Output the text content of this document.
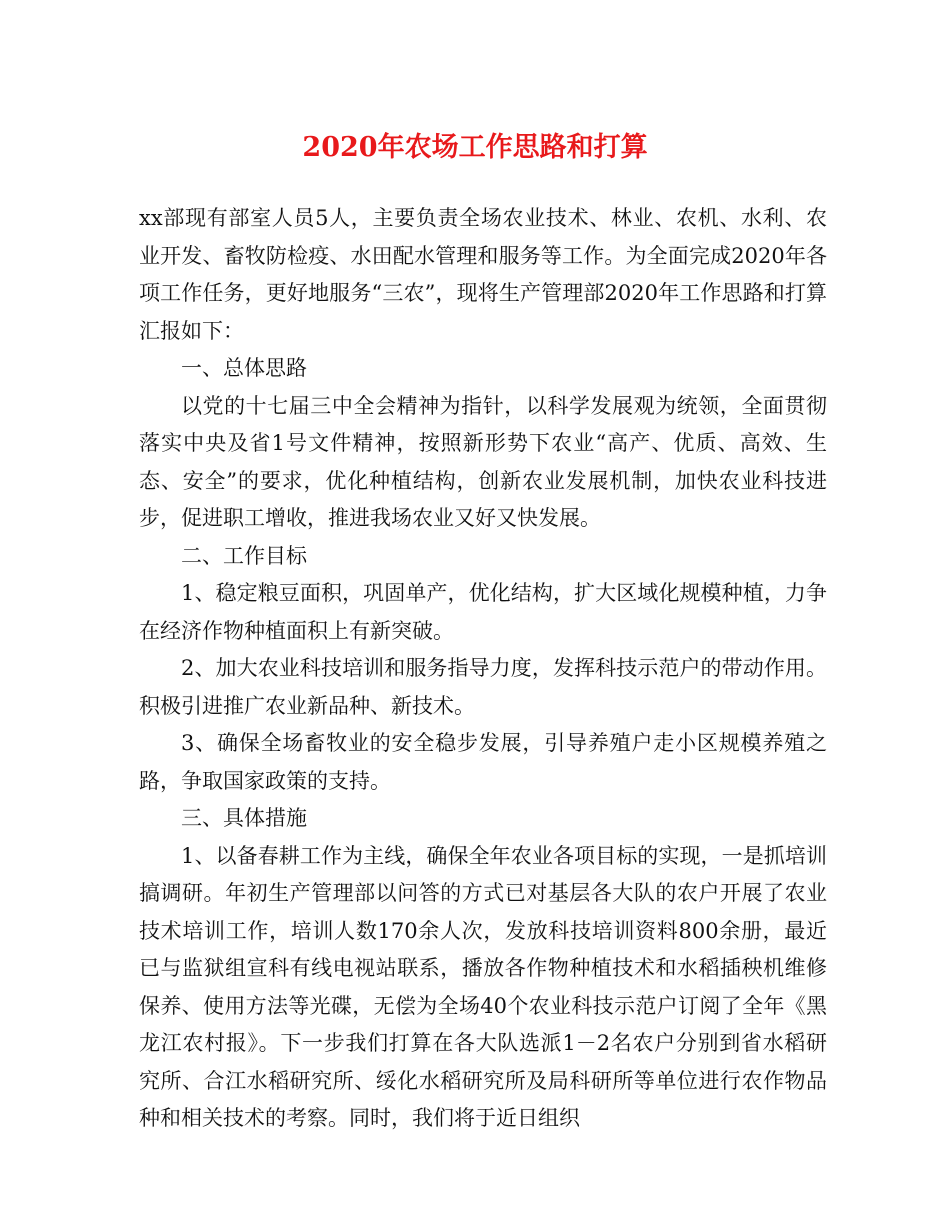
2020年农场工作思路和打算

xx部现有部室人员5人，主要负责全场农业技术、林业、农机、水利、农业开发、畜牧防检疫、水田配水管理和服务等工作。为全面完成2020年各项工作任务，更好地服务“三农”，现将生产管理部2020年工作思路和打算汇报如下：

一、总体思路

以党的十七届三中全会精神为指针，以科学发展观为统领，全面贯彻落实中央及省1号文件精神，按照新形势下农业“高产、优质、高效、生态、安全”的要求，优化种植结构，创新农业发展机制，加快农业科技进步，促进职工增收，推进我场农业又好又快发展。

二、工作目标

1、稳定粮豆面积，巩固单产，优化结构，扩大区域化规模种植，力争在经济作物种植面积上有新突破。

2、加大农业科技培训和服务指导力度，发挥科技示范户的带动作用。积极引进推广农业新品种、新技术。

3、确保全场畜牧业的安全稳步发展，引导养殖户走小区规模养殖之路，争取国家政策的支持。

三、具体措施

1、以备春耕工作为主线，确保全年农业各项目标的实现，一是抓培训搞调研。年初生产管理部以问答的方式已对基层各大队的农户开展了农业技术培训工作，培训人数170余人次，发放科技培训资料800余册，最近已与监狱组宣科有线电视站联系，播放各作物种植技术和水稻插秧机维修保养、使用方法等光碟，无偿为全场40个农业科技示范户订阅了全年《黑龙江农村报》。下一步我们打算在各大队选派1－2名农户分别到省水稻研究所、合江水稻研究所、绥化水稻研究所及局科研所等单位进行农作物品种和相关技术的考察。同时，我们将于近日组织
